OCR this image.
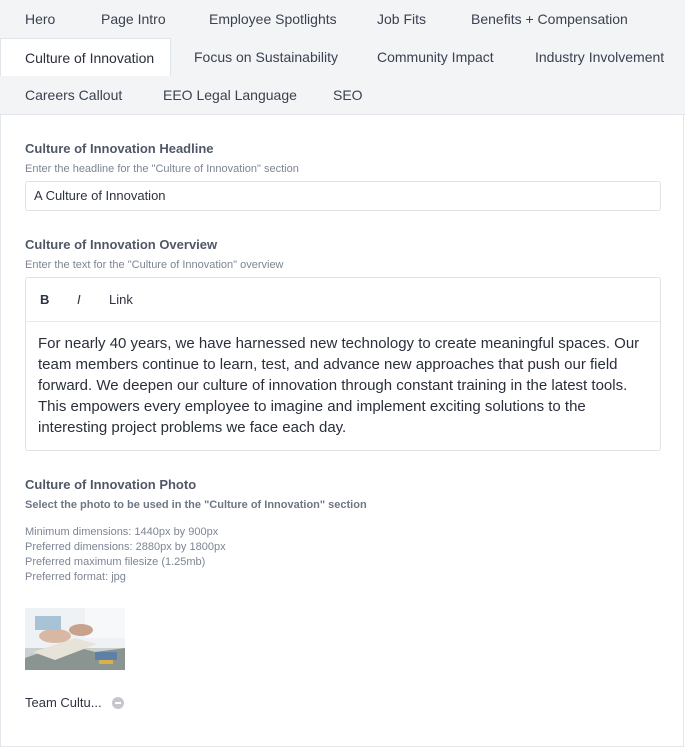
Hero	Page Intro	Employee Spotlights	Job Fits	Benefits + Compensation
Culture of Innovation	Focus on Sustainability	Community Impact	Industry Involvement
Careers Callout	EEO Legal Language	SEO
Culture of Innovation Headline
Enter the headline for the "Culture of Innovation" section
A Culture of Innovation
Culture of Innovation Overview
Enter the text for the "Culture of Innovation" overview
B I Link
For nearly 40 years, we have harnessed new technology to create meaningful spaces. Our team members continue to learn, test, and advance new approaches that push our field forward. We deepen our culture of innovation through constant training in the latest tools. This empowers every employee to imagine and implement exciting solutions to the interesting project problems we face each day.
Culture of Innovation Photo
Select the photo to be used in the "Culture of Innovation" section
Minimum dimensions: 1440px by 900px
Preferred dimensions: 2880px by 1800px
Preferred maximum filesize (1.25mb)
Preferred format: jpg
Team Cultu...
